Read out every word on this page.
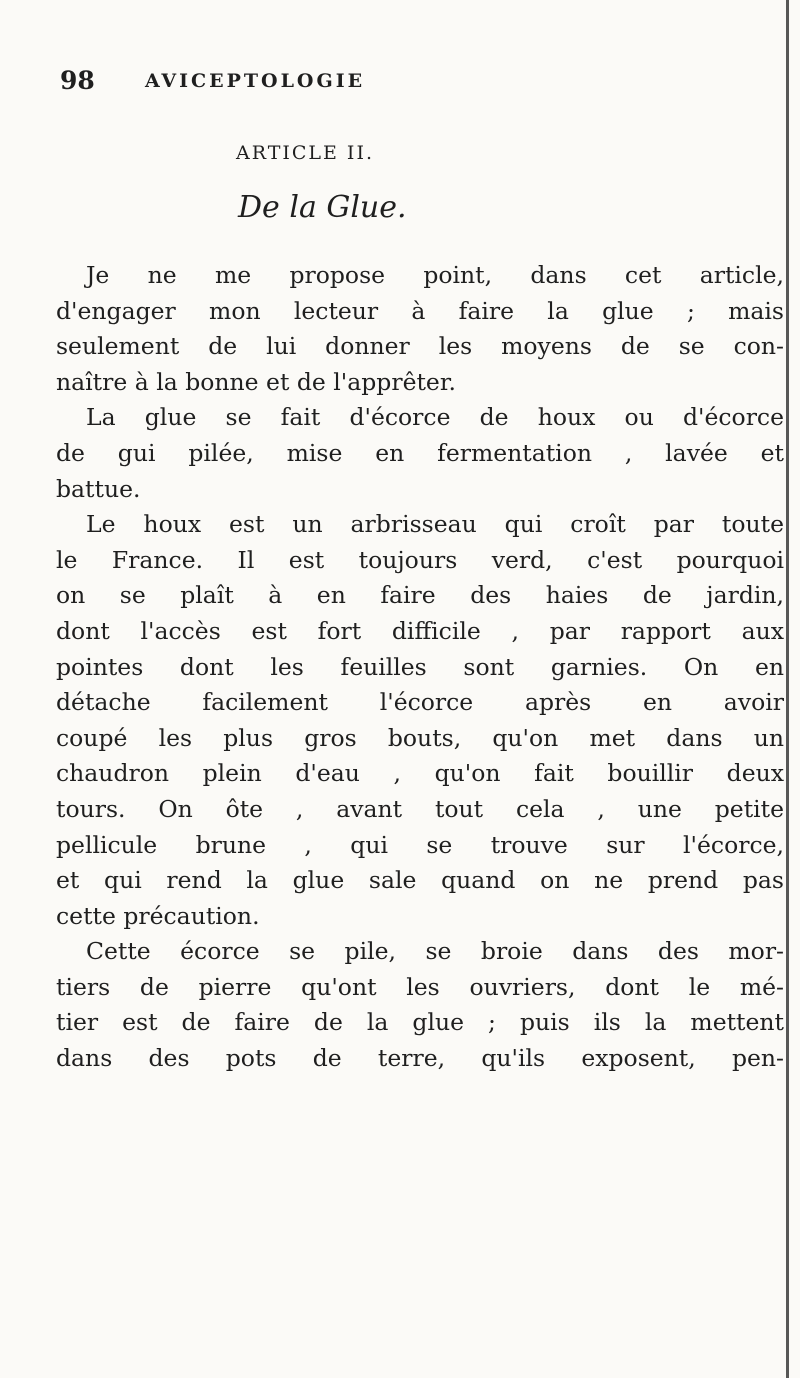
98	AVICEPTOLOGIE
ARTICLE II.
De la Glue.
Je ne me propose point, dans cet article,
d'engager mon lecteur à faire la glue ; mais
seulement de lui donner les moyens de se con-
naître à la bonne et de l'apprêter.
La glue se fait d'écorce de houx ou d'écorce
de gui pilée, mise en fermentation , lavée et
battue.
Le houx est un arbrisseau qui croît par toute
le France. Il est toujours verd, c'est pourquoi
on se plaît à en faire des haies de jardin,
dont l'accès est fort difficile , par rapport aux
pointes dont les feuilles sont garnies. On en
détache facilement l'écorce après en avoir
coupé les plus gros bouts, qu'on met dans un
chaudron plein d'eau , qu'on fait bouillir deux
tours. On ôte , avant tout cela , une petite
pellicule brune , qui se trouve sur l'écorce,
et qui rend la glue sale quand on ne prend pas
cette précaution.
Cette écorce se pile, se broie dans des mor-
tiers de pierre qu'ont les ouvriers, dont le mé-
tier est de faire de la glue ; puis ils la mettent
dans des pots de terre, qu'ils exposent, pen-
